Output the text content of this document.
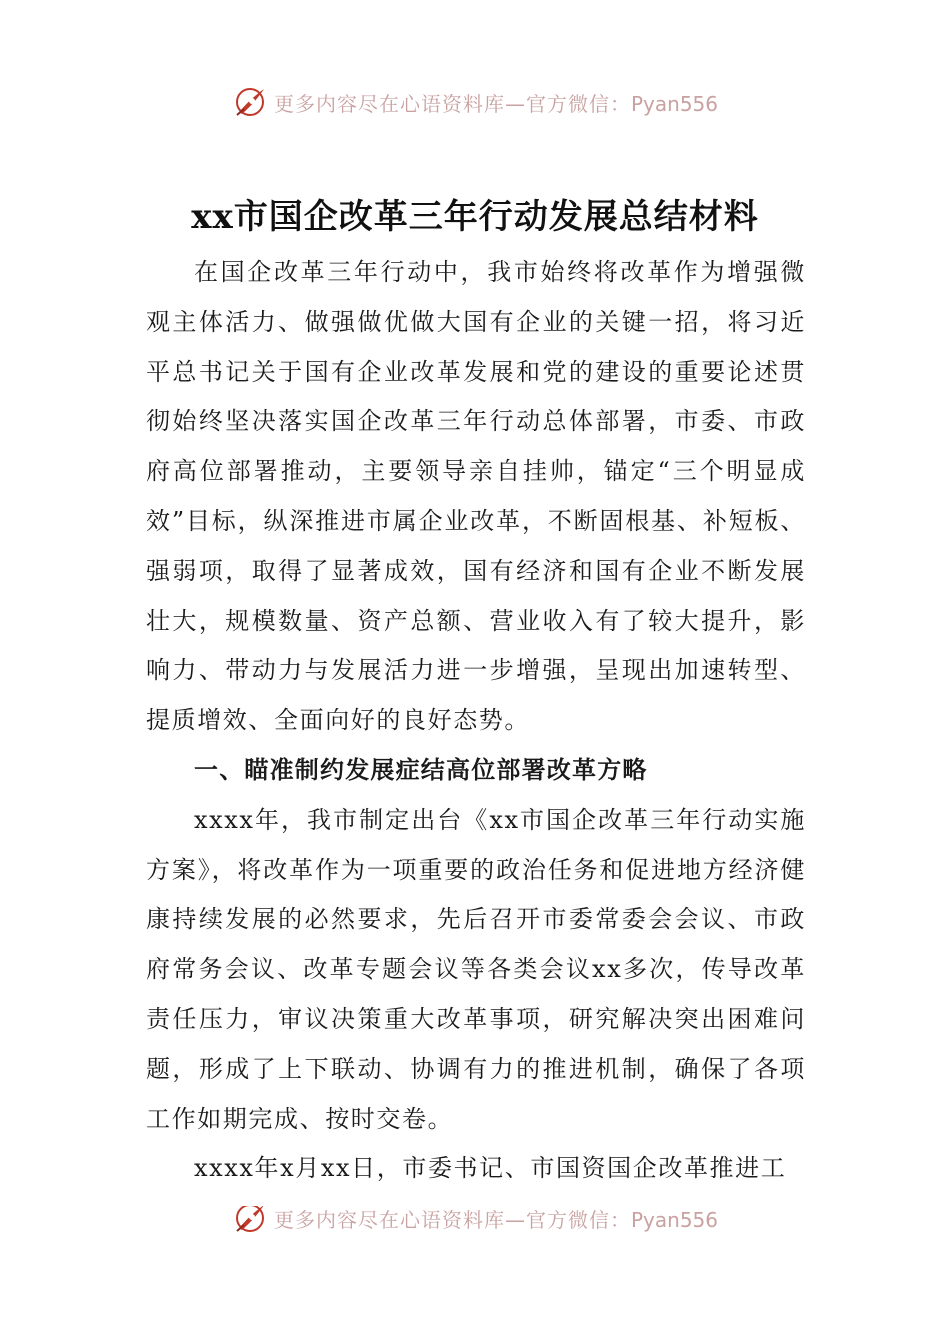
更多内容尽在心语资料库—官方微信：Pyan556
xx市国企改革三年行动发展总结材料

在国企改革三年行动中，我市始终将改革作为增强微观主体活力、做强做优做大国有企业的关键一招，将习近平总书记关于国有企业改革发展和党的建设的重要论述贯彻始终坚决落实国企改革三年行动总体部署，市委、市政府高位部署推动，主要领导亲自挂帅，锚定“三个明显成效”目标，纵深推进市属企业改革，不断固根基、补短板、强弱项，取得了显著成效，国有经济和国有企业不断发展壮大，规模数量、资产总额、营业收入有了较大提升，影响力、带动力与发展活力进一步增强，呈现出加速转型、提质增效、全面向好的良好态势。

一、瞄准制约发展症结高位部署改革方略

xxxx年，我市制定出台《xx市国企改革三年行动实施方案》，将改革作为一项重要的政治任务和促进地方经济健康持续发展的必然要求，先后召开市委常委会会议、市政府常务会议、改革专题会议等各类会议xx多次，传导改革责任压力，审议决策重大改革事项，研究解决突出困难问题，形成了上下联动、协调有力的推进机制，确保了各项工作如期完成、按时交卷。

xxxx年x月xx日，市委书记、市国资国企改革推进工

更多内容尽在心语资料库—官方微信：Pyan556
